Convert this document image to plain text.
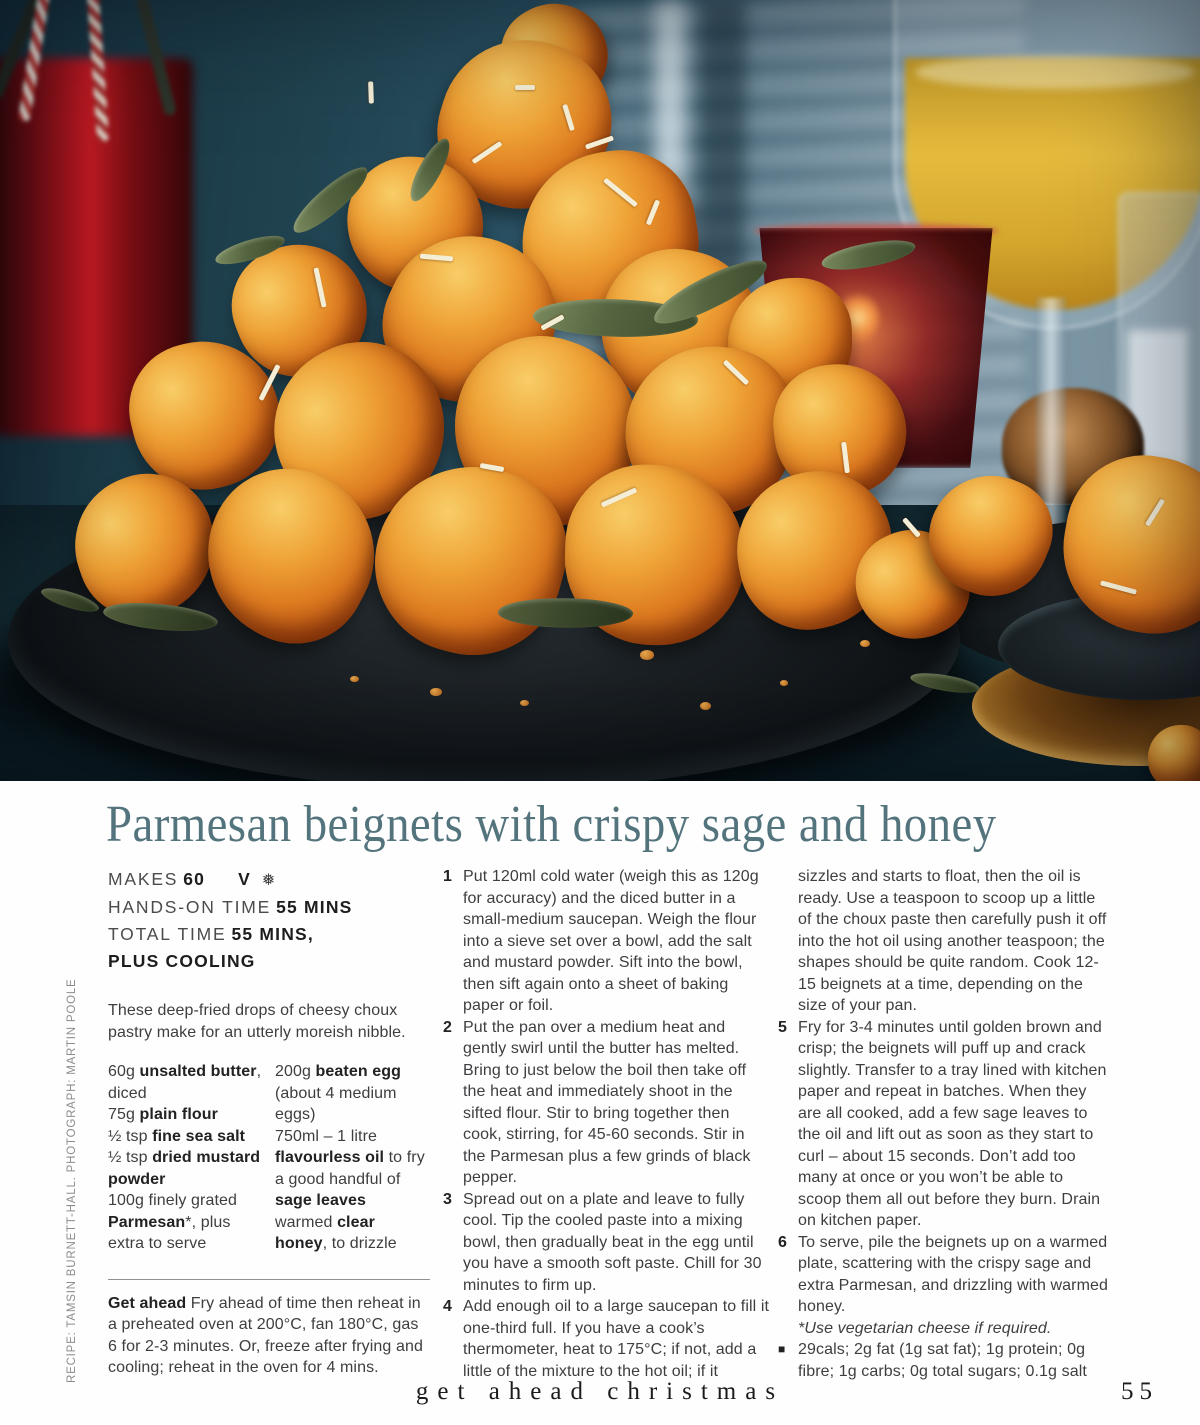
RECIPE: TAMSIN BURNETT-HALL. PHOTOGRAPH: MARTIN POOLE
Parmesan beignets with crispy sage and honey
MAKES 60 V ❅
HANDS-ON TIME 55 MINS
TOTAL TIME 55 MINS,
PLUS COOLING

These deep-fried drops of cheesy choux pastry make for an utterly moreish nibble.

60g unsalted butter, diced
75g plain flour
½ tsp fine sea salt
½ tsp dried mustard powder
100g finely grated Parmesan*, plus extra to serve
200g beaten egg (about 4 medium eggs)
750ml – 1 litre flavourless oil to fry
a good handful of sage leaves
warmed clear honey, to drizzle

Get ahead Fry ahead of time then reheat in a preheated oven at 200°C, fan 180°C, gas 6 for 2-3 minutes. Or, freeze after frying and cooling; reheat in the oven for 4 mins.

1 Put 120ml cold water (weigh this as 120g for accuracy) and the diced butter in a small-medium saucepan. Weigh the flour into a sieve set over a bowl, add the salt and mustard powder. Sift into the bowl, then sift again onto a sheet of baking paper or foil.
2 Put the pan over a medium heat and gently swirl until the butter has melted. Bring to just below the boil then take off the heat and immediately shoot in the sifted flour. Stir to bring together then cook, stirring, for 45-60 seconds. Stir in the Parmesan plus a few grinds of black pepper.
3 Spread out on a plate and leave to fully cool. Tip the cooled paste into a mixing bowl, then gradually beat in the egg until you have a smooth soft paste. Chill for 30 minutes to firm up.
4 Add enough oil to a large saucepan to fill it one-third full. If you have a cook’s thermometer, heat to 175°C; if not, add a little of the mixture to the hot oil; if it
sizzles and starts to float, then the oil is ready. Use a teaspoon to scoop up a little of the choux paste then carefully push it off into the hot oil using another teaspoon; the shapes should be quite random. Cook 12-15 beignets at a time, depending on the size of your pan.
5 Fry for 3-4 minutes until golden brown and crisp; the beignets will puff up and crack slightly. Transfer to a tray lined with kitchen paper and repeat in batches. When they are all cooked, add a few sage leaves to the oil and lift out as soon as they start to curl – about 15 seconds. Don’t add too many at once or you won’t be able to scoop them all out before they burn. Drain on kitchen paper.
6 To serve, pile the beignets up on a warmed plate, scattering with the crispy sage and extra Parmesan, and drizzling with warmed honey.
*Use vegetarian cheese if required.
■ 29cals; 2g fat (1g sat fat); 1g protein; 0g fibre; 1g carbs; 0g total sugars; 0.1g salt
get ahead christmas	55
